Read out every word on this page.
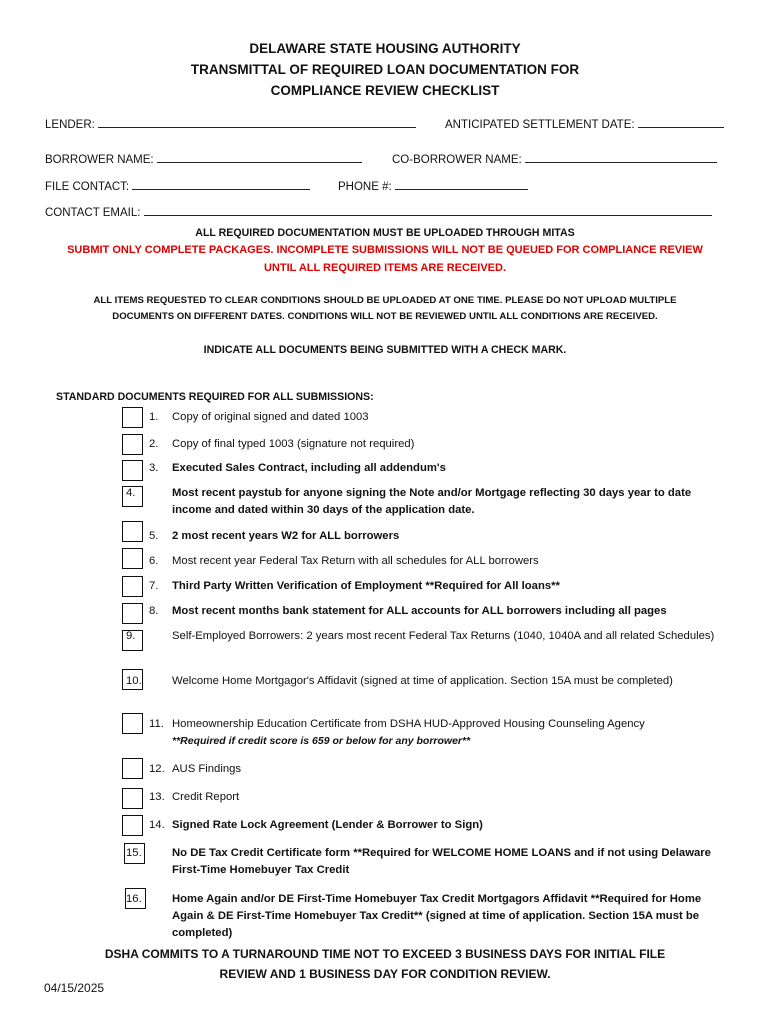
DELAWARE STATE HOUSING AUTHORITY
TRANSMITTAL OF REQUIRED LOAN DOCUMENTATION FOR
COMPLIANCE REVIEW CHECKLIST
LENDER:	ANTICIPATED SETTLEMENT DATE:
BORROWER NAME:	CO-BORROWER NAME:
FILE CONTACT:	PHONE #:
CONTACT EMAIL:
ALL REQUIRED DOCUMENTATION MUST BE UPLOADED THROUGH MITAS
SUBMIT ONLY COMPLETE PACKAGES. INCOMPLETE SUBMISSIONS WILL NOT BE QUEUED FOR COMPLIANCE REVIEW
UNTIL ALL REQUIRED ITEMS ARE RECEIVED.
ALL ITEMS REQUESTED TO CLEAR CONDITIONS SHOULD BE UPLOADED AT ONE TIME. PLEASE DO NOT UPLOAD MULTIPLE
DOCUMENTS ON DIFFERENT DATES. CONDITIONS WILL NOT BE REVIEWED UNTIL ALL CONDITIONS ARE RECEIVED.
INDICATE ALL DOCUMENTS BEING SUBMITTED WITH A CHECK MARK.
STANDARD DOCUMENTS REQUIRED FOR ALL SUBMISSIONS:
1. Copy of original signed and dated 1003
2. Copy of final typed 1003 (signature not required)
3. Executed Sales Contract, including all addendum's
4.	Most recent paystub for anyone signing the Note and/or Mortgage reflecting 30 days year to date income and dated within 30 days of the application date.
5. 2 most recent years W2 for ALL borrowers
6. Most recent year Federal Tax Return with all schedules for ALL borrowers
7. Third Party Written Verification of Employment **Required for All loans**
8. Most recent months bank statement for ALL accounts for ALL borrowers including all pages
9.	Self-Employed Borrowers: 2 years most recent Federal Tax Returns (1040, 1040A and all related Schedules)
10.	Welcome Home Mortgagor's Affidavit (signed at time of application. Section 15A must be completed)
11. Homeownership Education Certificate from DSHA HUD-Approved Housing Counseling Agency
**Required if credit score is 659 or below for any borrower**
12. AUS Findings
13. Credit Report
14. Signed Rate Lock Agreement (Lender & Borrower to Sign)
15.	No DE Tax Credit Certificate form **Required for WELCOME HOME LOANS and if not using Delaware First-Time Homebuyer Tax Credit
16.	Home Again and/or DE First-Time Homebuyer Tax Credit Mortgagors Affidavit **Required for Home Again & DE First-Time Homebuyer Tax Credit** (signed at time of application. Section 15A must be completed)
DSHA COMMITS TO A TURNAROUND TIME NOT TO EXCEED 3 BUSINESS DAYS FOR INITIAL FILE
REVIEW AND 1 BUSINESS DAY FOR CONDITION REVIEW.
04/15/2025
